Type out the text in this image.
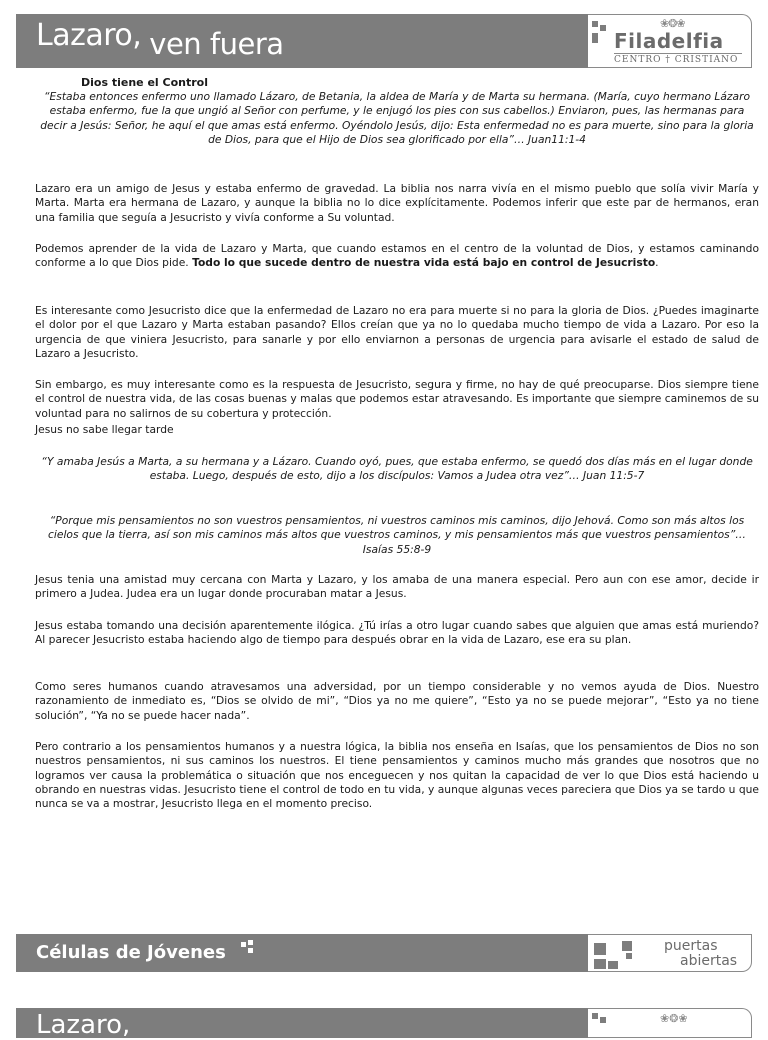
Lazaro, ven fuera
❀❂❀
Filadelfia
CENTRO † CRISTIANO
Dios tiene el Control

“Estaba entonces enfermo uno llamado Lázaro, de Betania, la aldea de María y de Marta su hermana. (María, cuyo hermano Lázaro estaba enfermo, fue la que ungió al Señor con perfume, y le enjugó los pies con sus cabellos.) Enviaron, pues, las hermanas para decir a Jesús: Señor, he aquí el que amas está enfermo. Oyéndolo Jesús, dijo: Esta enfermedad no es para muerte, sino para la gloria de Dios, para que el Hijo de Dios sea glorificado por ella”… Juan11:1-4

Lazaro era un amigo de Jesus y estaba enfermo de gravedad. La biblia nos narra vivía en el mismo pueblo que solía vivir María y Marta. Marta era hermana de Lazaro, y aunque la biblia no lo dice explícitamente. Podemos inferir que este par de hermanos, eran una familia que seguía a Jesucristo y vivía conforme a Su voluntad.

Podemos aprender de la vida de Lazaro y Marta, que cuando estamos en el centro de la voluntad de Dios, y estamos caminando conforme a lo que Dios pide. Todo lo que sucede dentro de nuestra vida está bajo en control de Jesucristo.

Es interesante como Jesucristo dice que la enfermedad de Lazaro no era para muerte si no para la gloria de Dios. ¿Puedes imaginarte el dolor por el que Lazaro y Marta estaban pasando? Ellos creían que ya no lo quedaba mucho tiempo de vida a Lazaro. Por eso la urgencia de que viniera Jesucristo, para sanarle y por ello enviarnon a personas de urgencia para avisarle el estado de salud de Lazaro a Jesucristo.

Sin embargo, es muy interesante como es la respuesta de Jesucristo, segura y firme, no hay de qué preocuparse. Dios siempre tiene el control de nuestra vida, de las cosas buenas y malas que podemos estar atravesando. Es importante que siempre caminemos de su voluntad para no salirnos de su cobertura y protección.

Jesus no sabe llegar tarde

“Y amaba Jesús a Marta, a su hermana y a Lázaro. Cuando oyó, pues, que estaba enfermo, se quedó dos días más en el lugar donde estaba. Luego, después de esto, dijo a los discípulos: Vamos a Judea otra vez”… Juan 11:5-7

“Porque mis pensamientos no son vuestros pensamientos, ni vuestros caminos mis caminos, dijo Jehová. Como son más altos los cielos que la tierra, así son mis caminos más altos que vuestros caminos, y mis pensamientos más que vuestros pensamientos”… Isaías 55:8-9

Jesus tenia una amistad muy cercana con Marta y Lazaro, y los amaba de una manera especial. Pero aun con ese amor, decide ir primero a Judea. Judea era un lugar donde procuraban matar a Jesus.

Jesus estaba tomando una decisión aparentemente ilógica. ¿Tú irías a otro lugar cuando sabes que alguien que amas está muriendo? Al parecer Jesucristo estaba haciendo algo de tiempo para después obrar en la vida de Lazaro, ese era su plan.

Como seres humanos cuando atravesamos una adversidad, por un tiempo considerable y no vemos ayuda de Dios. Nuestro razonamiento de inmediato es, “Dios se olvido de mi”, “Dios ya no me quiere”, “Esto ya no se puede mejorar”, “Esto ya no tiene solución”, “Ya no se puede hacer nada”.

Pero contrario a los pensamientos humanos y a nuestra lógica, la biblia nos enseña en Isaías, que los pensamientos de Dios no son nuestros pensamientos, ni sus caminos los nuestros. El tiene pensamientos y caminos mucho más grandes que nosotros que no logramos ver causa la problemática o situación que nos enceguecen y nos quitan la capacidad de ver lo que Dios está haciendo u obrando en nuestras vidas. Jesucristo tiene el control de todo en tu vida, y aunque algunas veces pareciera que Dios ya se tardo u que nunca se va a mostrar, Jesucristo llega en el momento preciso.

Células de Jóvenes	puertas
abiertas
Lazaro,	❀❂❀
